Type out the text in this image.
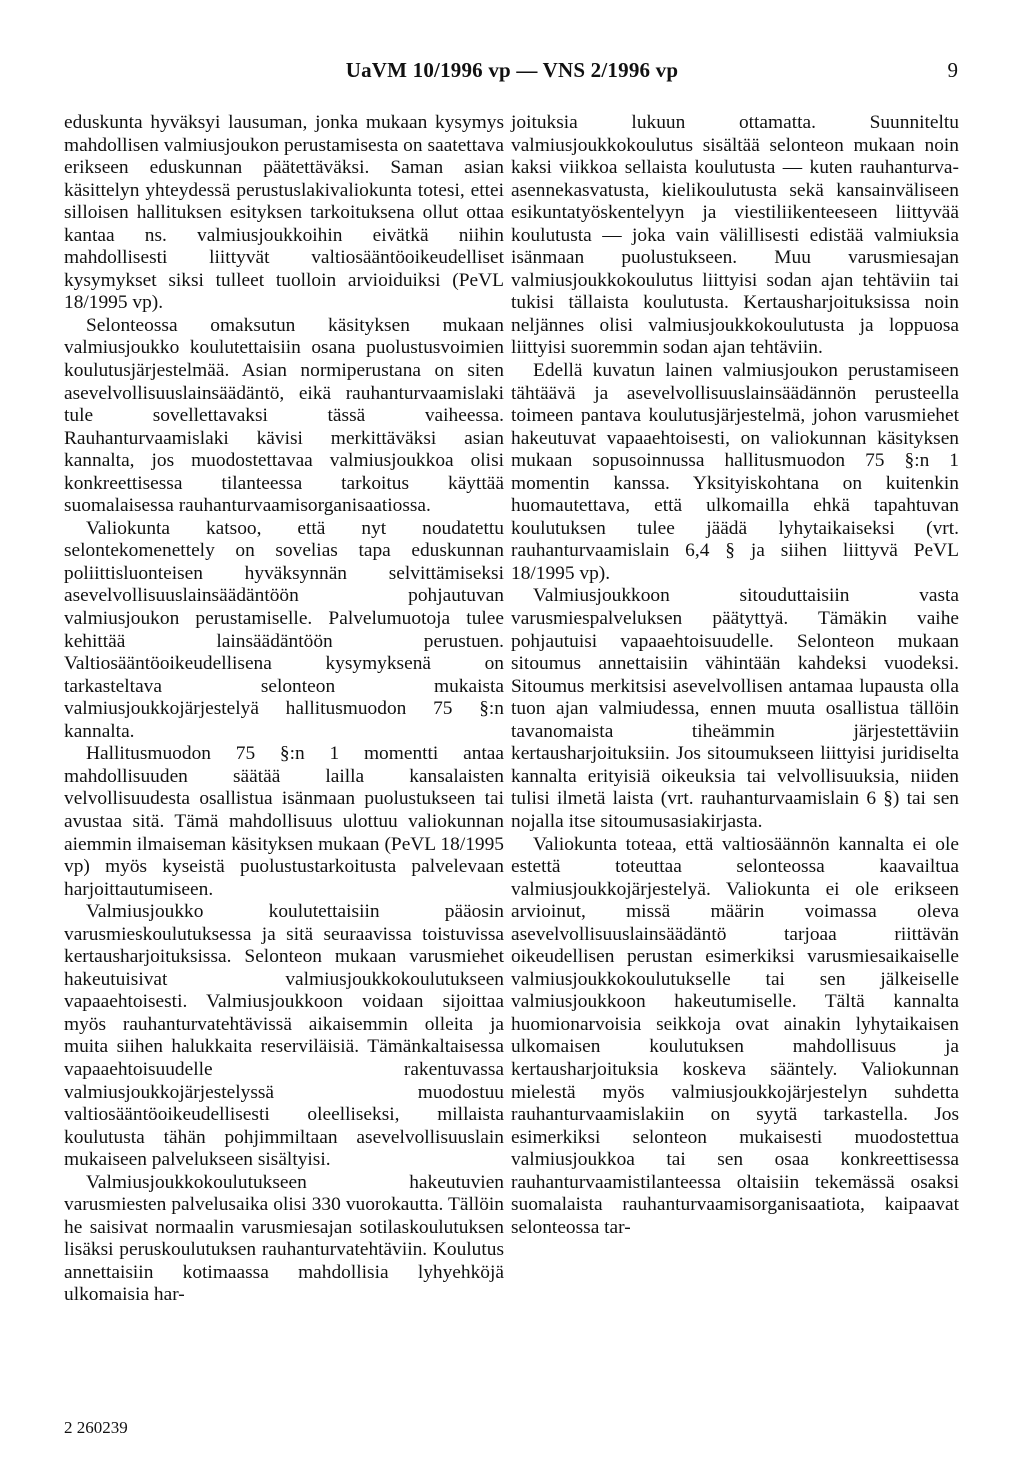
UaVM 10/1996 vp — VNS 2/1996 vp	9

eduskunta hyväksyi lausuman, jonka mukaan kysymys mahdollisen valmiusjoukon perustamisesta on saatettava erikseen eduskunnan päätettäväksi. Saman asian käsittelyn yhteydessä perustuslakivaliokunta totesi, ettei silloisen hallituksen esityksen tarkoituksena ollut ottaa kantaa ns. valmiusjoukkoihin eivätkä niihin mahdollisesti liittyvät valtiosääntöoikeudelliset kysymykset siksi tulleet tuolloin arvioiduiksi (PeVL 18/1995 vp).

Selonteossa omaksutun käsityksen mukaan valmiusjoukko koulutettaisiin osana puolustusvoimien koulutusjärjestelmää. Asian normiperustana on siten asevelvollisuuslainsäädäntö, eikä rauhanturvaamislaki tule sovellettavaksi tässä vaiheessa. Rauhanturvaamislaki kävisi merkittäväksi asian kannalta, jos muodostettavaa valmiusjoukkoa olisi konkreettisessa tilanteessa tarkoitus käyttää suomalaisessa rauhanturvaamisorganisaatiossa.

Valiokunta katsoo, että nyt noudatettu selontekomenettely on sovelias tapa eduskunnan poliittisluonteisen hyväksynnän selvittämiseksi asevelvollisuuslainsäädäntöön pohjautuvan valmiusjoukon perustamiselle. Palvelumuotoja tulee kehittää lainsäädäntöön perustuen. Valtiosääntöoikeudellisena kysymyksenä on tarkasteltava selonteon mukaista valmiusjoukkojärjestelyä hallitusmuodon 75 §:n kannalta.

Hallitusmuodon 75 §:n 1 momentti antaa mahdollisuuden säätää lailla kansalaisten velvollisuudesta osallistua isänmaan puolustukseen tai avustaa sitä. Tämä mahdollisuus ulottuu valiokunnan aiemmin ilmaiseman käsityksen mukaan (PeVL 18/1995 vp) myös kyseistä puolustustarkoitusta palvelevaan harjoittautumiseen.

Valmiusjoukko koulutettaisiin pääosin varusmieskoulutuksessa ja sitä seuraavissa toistuvissa kertausharjoituksissa. Selonteon mukaan varusmiehet hakeutuisivat valmiusjoukkokoulutukseen vapaaehtoisesti. Valmiusjoukkoon voidaan sijoittaa myös rauhanturvatehtävissä aikaisemmin olleita ja muita siihen halukkaita reserviläisiä. Tämänkaltaisessa vapaaehtoisuudelle rakentuvassa valmiusjoukkojärjestelyssä muodostuu valtiosääntöoikeudellisesti oleelliseksi, millaista koulutusta tähän pohjimmiltaan asevelvollisuuslain mukaiseen palvelukseen sisältyisi.

Valmiusjoukkokoulutukseen hakeutuvien varusmiesten palvelusaika olisi 330 vuorokautta. Tällöin he saisivat normaalin varusmiesajan sotilaskoulutuksen lisäksi peruskoulutuksen rauhanturvatehtäviin. Koulutus annettaisiin kotimaassa mahdollisia lyhyehköjä ulkomaisia har-

joituksia lukuun ottamatta. Suunniteltu valmiusjoukkokoulutus sisältää selonteon mukaan noin kaksi viikkoa sellaista koulutusta — kuten rauhanturva-asennekasvatusta, kielikoulutusta sekä kansainväliseen esikuntatyöskentelyyn ja viestiliikenteeseen liittyvää koulutusta — joka vain välillisesti edistää valmiuksia isänmaan puolustukseen. Muu varusmiesajan valmiusjoukkokoulutus liittyisi sodan ajan tehtäviin tai tukisi tällaista koulutusta. Kertausharjoituksissa noin neljännes olisi valmiusjoukkokoulutusta ja loppuosa liittyisi suoremmin sodan ajan tehtäviin.

Edellä kuvatun lainen valmiusjoukon perustamiseen tähtäävä ja asevelvollisuuslainsäädännön perusteella toimeen pantava koulutusjärjestelmä, johon varusmiehet hakeutuvat vapaaehtoisesti, on valiokunnan käsityksen mukaan sopusoinnussa hallitusmuodon 75 §:n 1 momentin kanssa. Yksityiskohtana on kuitenkin huomautettava, että ulkomailla ehkä tapahtuvan koulutuksen tulee jäädä lyhytaikaiseksi (vrt. rauhanturvaamislain 6,4 § ja siihen liittyvä PeVL 18/1995 vp).

Valmiusjoukkoon sitouduttaisiin vasta varusmiespalveluksen päätyttyä. Tämäkin vaihe pohjautuisi vapaaehtoisuudelle. Selonteon mukaan sitoumus annettaisiin vähintään kahdeksi vuodeksi. Sitoumus merkitsisi asevelvollisen antamaa lupausta olla tuon ajan valmiudessa, ennen muuta osallistua tällöin tavanomaista tiheämmin järjestettäviin kertausharjoituksiin. Jos sitoumukseen liittyisi juridiselta kannalta erityisiä oikeuksia tai velvollisuuksia, niiden tulisi ilmetä laista (vrt. rauhanturvaamislain 6 §) tai sen nojalla itse sitoumusasiakirjasta.

Valiokunta toteaa, että valtiosäännön kannalta ei ole estettä toteuttaa selonteossa kaavailtua valmiusjoukkojärjestelyä. Valiokunta ei ole erikseen arvioinut, missä määrin voimassa oleva asevelvollisuuslainsäädäntö tarjoaa riittävän oikeudellisen perustan esimerkiksi varusmiesaikaiselle valmiusjoukkokoulutukselle tai sen jälkeiselle valmiusjoukkoon hakeutumiselle. Tältä kannalta huomionarvoisia seikkoja ovat ainakin lyhytaikaisen ulkomaisen koulutuksen mahdollisuus ja kertausharjoituksia koskeva sääntely. Valiokunnan mielestä myös valmiusjoukkojärjestelyn suhdetta rauhanturvaamislakiin on syytä tarkastella. Jos esimerkiksi selonteon mukaisesti muodostettua valmiusjoukkoa tai sen osaa konkreettisessa rauhanturvaamistilanteessa oltaisiin tekemässä osaksi suomalaista rauhanturvaamisorganisaatiota, kaipaavat selonteossa tar-

2 260239
